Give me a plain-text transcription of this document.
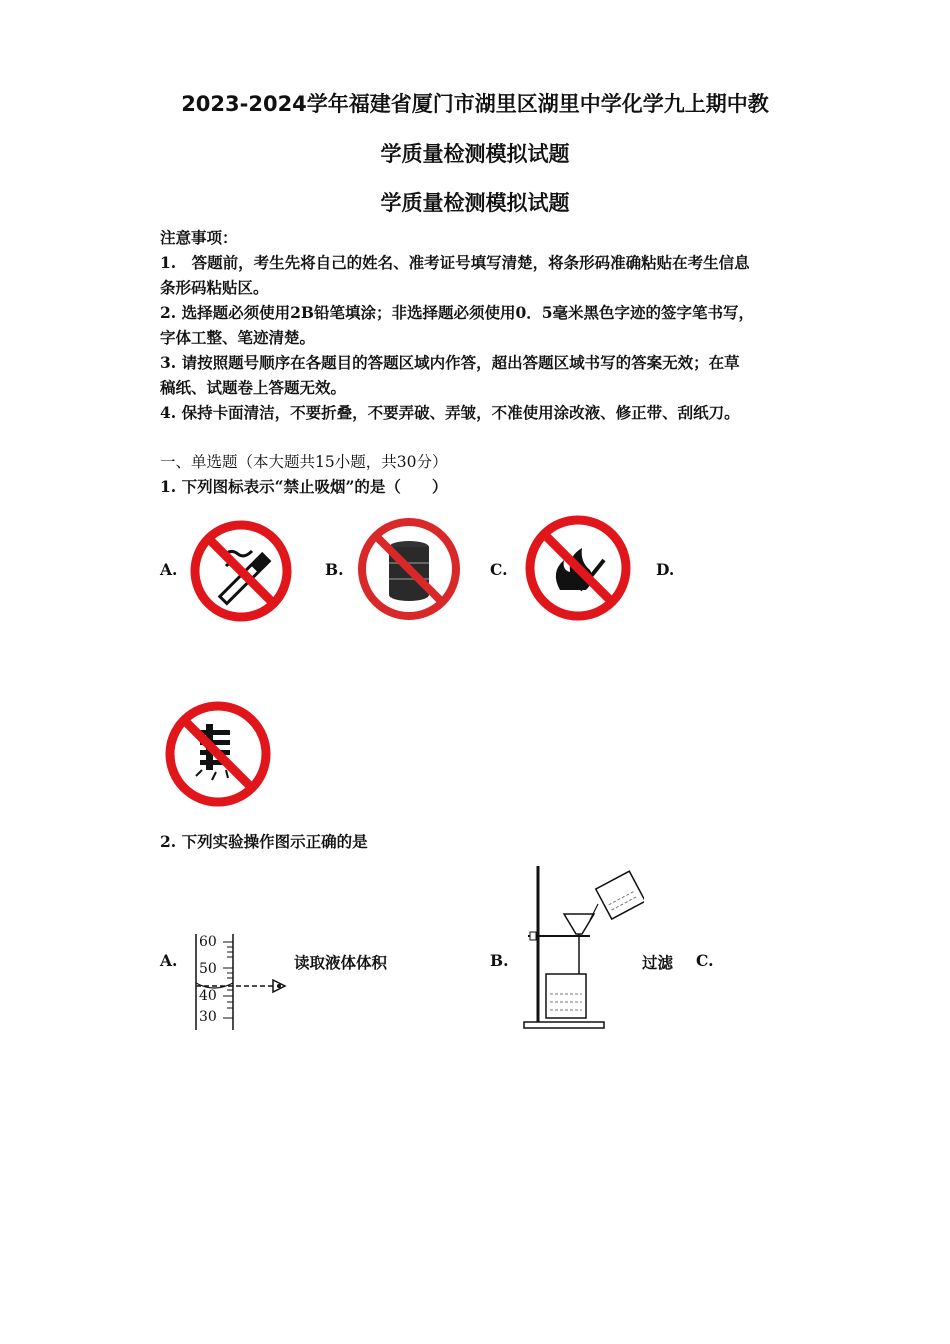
2023-2024学年福建省厦门市湖里区湖里中学化学九上期中教
学质量检测模拟试题
学质量检测模拟试题
注意事项：
1.　答题前，考生先将自己的姓名、准考证号填写清楚，将条形码准确粘贴在考生信息
条形码粘贴区。
2. 选择题必须使用2B铅笔填涂；非选择题必须使用0．5毫米黑色字迹的签字笔书写，
字体工整、笔迹清楚。
3. 请按照题号顺序在各题目的答题区域内作答，超出答题区域书写的答案无效；在草
稿纸、试题卷上答题无效。
4. 保持卡面清洁，不要折叠，不要弄破、弄皱，不准使用涂改液、修正带、刮纸刀。
一、单选题（本大题共15小题，共30分）
1. 下列图标表示“禁止吸烟”的是（　　）
A.	B.	C.	D.
2. 下列实验操作图示正确的是
A.
60
50
40
30
读取液体体积	B.	过滤 C.
